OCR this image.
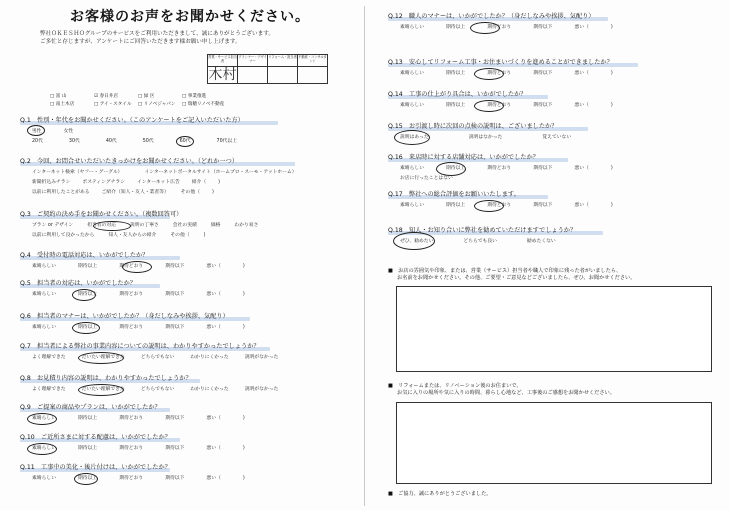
お客様のお声をお聞かせください。
弊社ＯＫＥＳＨＯグループのサービスをご利用いただきまして、誠にありがとうございます。
ご多忙と存じますが、アンケートにご回答いただきます様お願い申し上げます。
営業・サービス担当者	プランナー・デザイナー	リフォーム・担当者	不動産・コンサルタント
木村			
□ 富 山	☑ 春日井店	□ 緑 区	□ 事業推進
□ 南土木店	□ アイ・スタイル □ リノベジャパン □ 瑞穂リノベ不動産
Q.1　性別・年代をお聞かせください。（このアンケートをご記入いただいた方）
男性	女性
20代	30代	40代	50代	60代	70代以上
Q.2　今回、お問合せいただいたきっかけをお聞かせください。（どれか一つ）
インターネット検索（ヤフー・グーグル）	インターネットポータルサイト（ホームプロ・スーモ・アットホーム）
新聞折込みチラシ	ポスティングチラシ	インターネット広告	紹介（	)
以前に利用したことがある	ご紹介（知人・友人・業者等）	その他（	)
Q.3　ご契約の決め手をお聞かせください。（複数回答可）
プラン or デザイン	担当者の対応	説明の丁寧さ	会社の実績	価格	わかり易さ
以前に利用して良かったから	知人・友人からの紹介	その他（	)
Q.4　受付時の電話対応は、いかがでしたか？
素晴らしい	期待以上	期待どおり	期待以下	悪い（	)
Q.5　担当者の対応は、いかがでしたか？
素晴らしい	期待以上	期待どおり	期待以下	悪い（	)
Q.6　担当者のマナーは、いかがでしたか？（身だしなみや挨拶、気配り）
素晴らしい	期待以上	期待どおり	期待以下	悪い（	)
Q.7　担当者による弊社の事業内容についての説明は、わかりやすかったでしょうか？
よく理解できた	だいたい理解できた	どちらでもない	わかりにくかった	説明がなかった
Q.8　お見積り内容の説明は、わかりやすかったでしょうか？
よく理解できた	だいたい理解できた	どちらでもない	わかりにくかった	説明がなかった
Q.9　ご提案の商品やプランは、いかがでしたか？
素晴らしい	期待以上	期待どおり	期待以下	悪い（	)
Q.10　ご近所さまに対する配慮は、いかがでしたか？
素晴らしい	期待以上	期待どおり	期待以下	悪い（	)
Q.11　工事中の美化・後片付けは、いかがでしたか？
素晴らしい	期待以上	期待どおり	期待以下	悪い（	)
Q.12　職人のマナーは、いかがでしたか？（身だしなみや挨拶、気配り）
素晴らしい	期待以上	期待どおり	期待以下	悪い（	)
Q.13　安心してリフォーム工事・お住まいづくりを進めることができましたか？
素晴らしい	期待以上	期待どおり	期待以下	悪い（	)
Q.14　工事の仕上がり具合は、いかがでしたか？
素晴らしい	期待以上	期待どおり	期待以下	悪い（	)
Q.15　お引渡し時に次回の点検の説明は、ございましたか？
説明はあった	説明はなかった	覚えていない
Q.16　来店時に対する店舗対応は、いかがでしたか？
素晴らしい	期待以上	期待どおり	期待以下	悪い（	)
お店に行ったことはない
Q.17　弊社への総合評価をお願いいたします。
素晴らしい	期待以上	期待どおり	期待以下	悪い（	)
Q.18　知人・お知り合いに弊社を勧めていただけますでしょうか？
ぜひ、勧めたい	どちらでも良い	勧めたくない
■　お店の雰囲気や印象、または、営業（サービス）担当者や職人で印象に残った者がいましたら、
お名前をお聞かせください。その他、ご要望・ご意見などございましたら、ぜひ、お聞かせください。
■　リフォームまたは、リノベーション後のお住まいで、
お気に入りの場所や気に入りの時間、暮らし心地など、工事後のご感想をお聞かせください。
■　ご協力、誠にありがとうございました。
